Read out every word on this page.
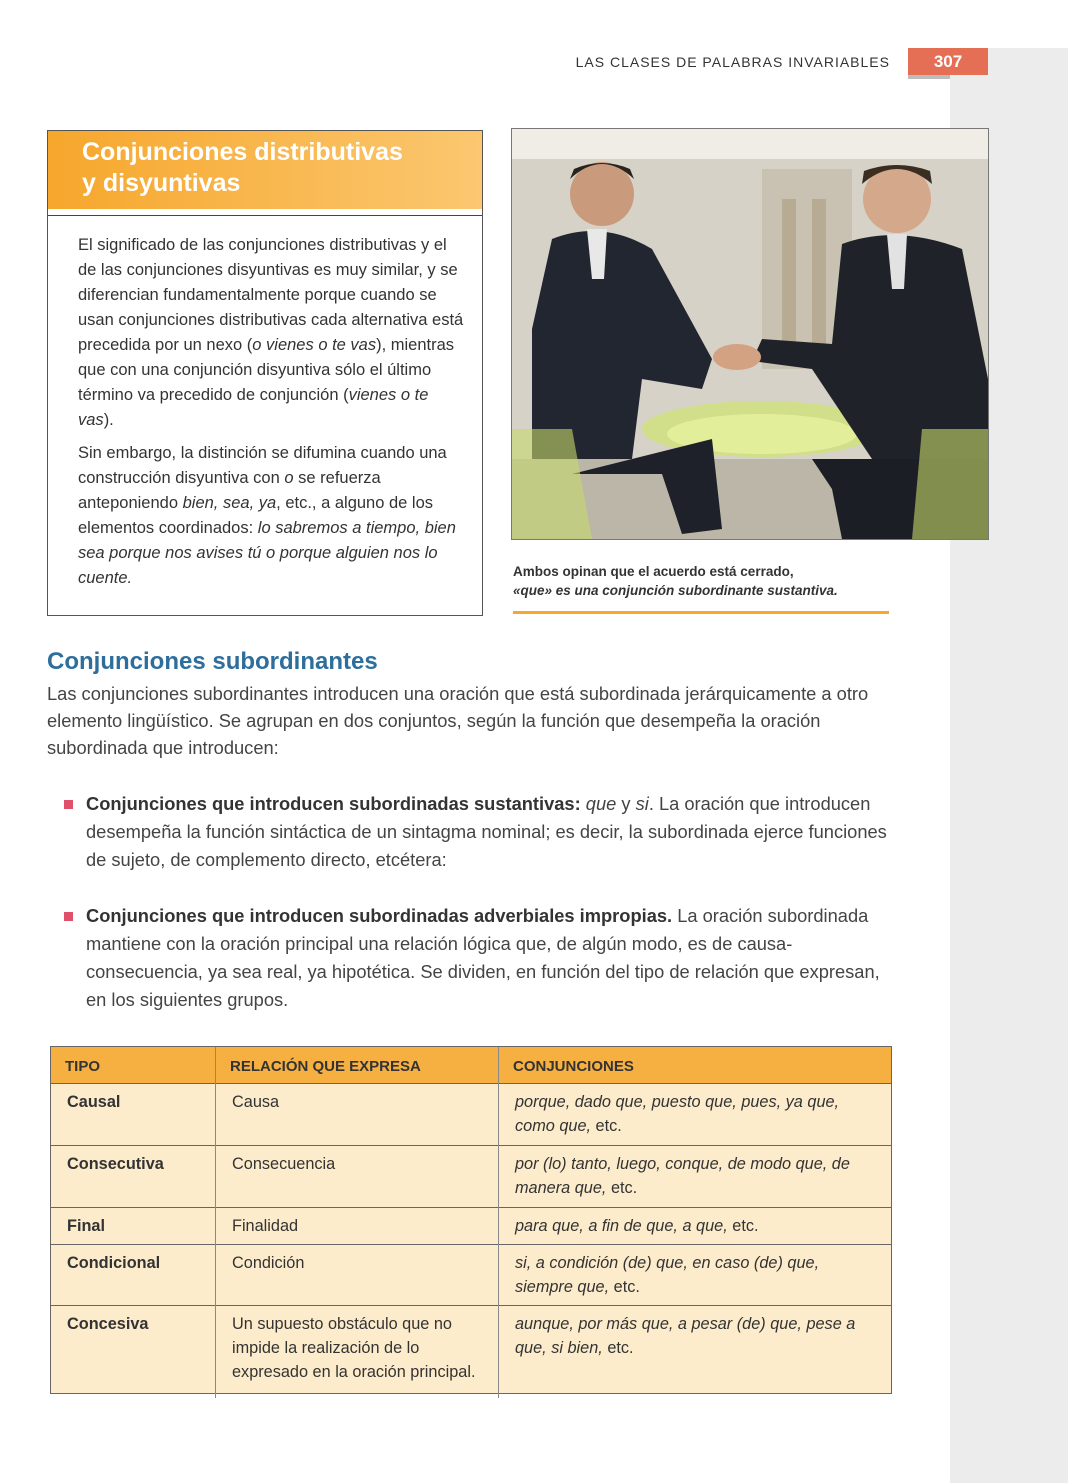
LAS CLASES DE PALABRAS INVARIABLES	307
Conjunciones distributivas
y disyuntivas

El significado de las conjunciones distributivas y el de las conjunciones disyuntivas es muy similar, y se diferencian fundamentalmente porque cuando se usan conjunciones distributivas cada alternativa está precedida por un nexo (o vienes o te vas), mientras que con una conjunción disyuntiva sólo el último término va precedido de conjunción (vienes o te vas).

Sin embargo, la distinción se difumina cuando una construcción disyuntiva con o se refuerza anteponiendo bien, sea, ya, etc., a alguno de los elementos coordinados: lo sabremos a tiempo, bien sea porque nos avises tú o porque alguien nos lo cuente.	Ambos opinan que el acuerdo está cerrado,
«que» es una conjunción subordinante sustantiva.
Conjunciones subordinantes
Las conjunciones subordinantes introducen una oración que está subordinada jerárquicamente a otro elemento lingüístico. Se agrupan en dos conjuntos, según la función que desempeña la oración subordinada que introducen:
Conjunciones que introducen subordinadas sustantivas: que y si. La oración que introducen desempeña la función sintáctica de un sintagma nominal; es decir, la subordinada ejerce funciones de sujeto, de complemento directo, etcétera:
Conjunciones que introducen subordinadas adverbiales impropias. La oración subordinada mantiene con la oración principal una relación lógica que, de algún modo, es de causa-consecuencia, ya sea real, ya hipotética. Se dividen, en función del tipo de relación que expresan, en los siguientes grupos.
TIPO	RELACIÓN QUE EXPRESA	CONJUNCIONES
Causal	Causa	porque, dado que, puesto que, pues, ya que, como que, etc.
Consecutiva	Consecuencia	por (lo) tanto, luego, conque, de modo que, de manera que, etc.
Final	Finalidad	para que, a fin de que, a que, etc.
Condicional	Condición	si, a condición (de) que, en caso (de) que, siempre que, etc.
Concesiva	Un supuesto obstáculo que no impide la realización de lo expresado en la oración principal.	aunque, por más que, a pesar (de) que, pese a que, si bien, etc.
